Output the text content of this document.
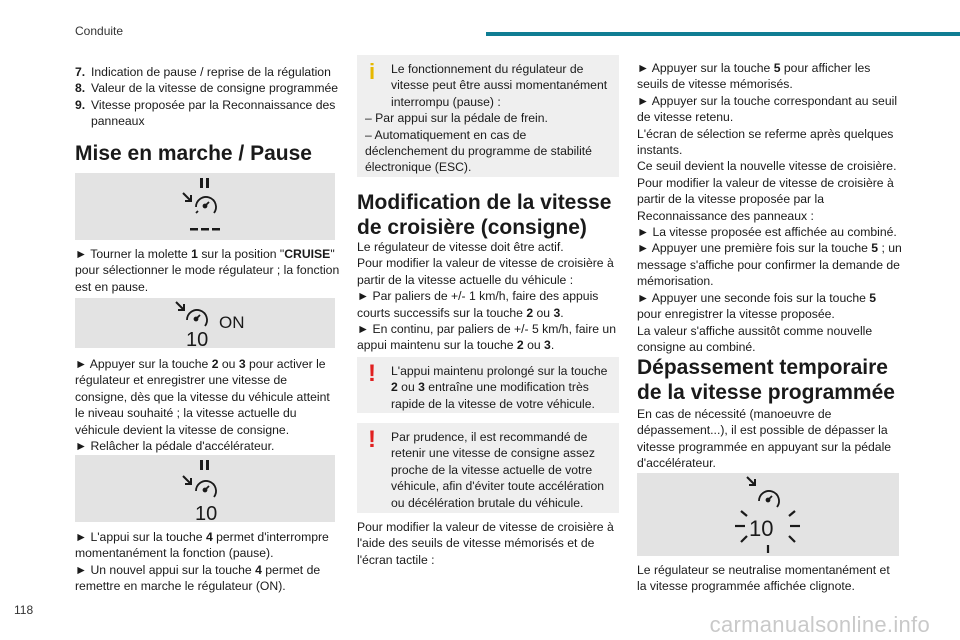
Conduite
7. Indication de pause / reprise de la régulation
8. Valeur de la vitesse de consigne programmée
9. Vitesse proposée par la Reconnaissance des panneaux
Mise en marche / Pause

► Tourner la molette 1 sur la position "CRUISE" pour sélectionner le mode régulateur ; la fonction est en pause.

ON
10

► Appuyer sur la touche 2 ou 3 pour activer le régulateur et enregistrer une vitesse de consigne, dès que la vitesse du véhicule atteint le niveau souhaité ; la vitesse actuelle du véhicule devient la vitesse de consigne.

► Relâcher la pédale d'accélérateur.

10

► L'appui sur la touche 4 permet d'interrompre momentanément la fonction (pause).

► Un nouvel appui sur la touche 4 permet de remettre en marche le régulateur (ON).

i	Le fonctionnement du régulateur de vitesse peut être aussi momentanément interrompu (pause) :

– Par appui sur la pédale de frein.

– Automatiquement en cas de déclenchement du programme de stabilité électronique (ESC).

Modification de la vitesse de croisière (consigne)

Le régulateur de vitesse doit être actif.

Pour modifier la valeur de vitesse de croisière à partir de la vitesse actuelle du véhicule :

► Par paliers de +/- 1 km/h, faire des appuis courts successifs sur la touche 2 ou 3.

► En continu, par paliers de +/- 5 km/h, faire un appui maintenu sur la touche 2 ou 3.

!	L'appui maintenu prolongé sur la touche 2 ou 3 entraîne une modification très rapide de la vitesse de votre véhicule.

!	Par prudence, il est recommandé de retenir une vitesse de consigne assez proche de la vitesse actuelle de votre véhicule, afin d'éviter toute accélération ou décélération brutale du véhicule.

Pour modifier la valeur de vitesse de croisière à l'aide des seuils de vitesse mémorisés et de l'écran tactile :

► Appuyer sur la touche 5 pour afficher les seuils de vitesse mémorisés.

► Appuyer sur la touche correspondant au seuil de vitesse retenu.

L'écran de sélection se referme après quelques instants.

Ce seuil devient la nouvelle vitesse de croisière.

Pour modifier la valeur de vitesse de croisière à partir de la vitesse proposée par la Reconnaissance des panneaux :

► La vitesse proposée est affichée au combiné.

► Appuyer une première fois sur la touche 5 ; un message s'affiche pour confirmer la demande de mémorisation.

► Appuyer une seconde fois sur la touche 5 pour enregistrer la vitesse proposée.

La valeur s'affiche aussitôt comme nouvelle consigne au combiné.

Dépassement temporaire de la vitesse programmée

En cas de nécessité (manoeuvre de dépassement...), il est possible de dépasser la vitesse programmée en appuyant sur la pédale d'accélérateur.

10

Le régulateur se neutralise momentanément et la vitesse programmée affichée clignote.

118
carmanualsonline.info
